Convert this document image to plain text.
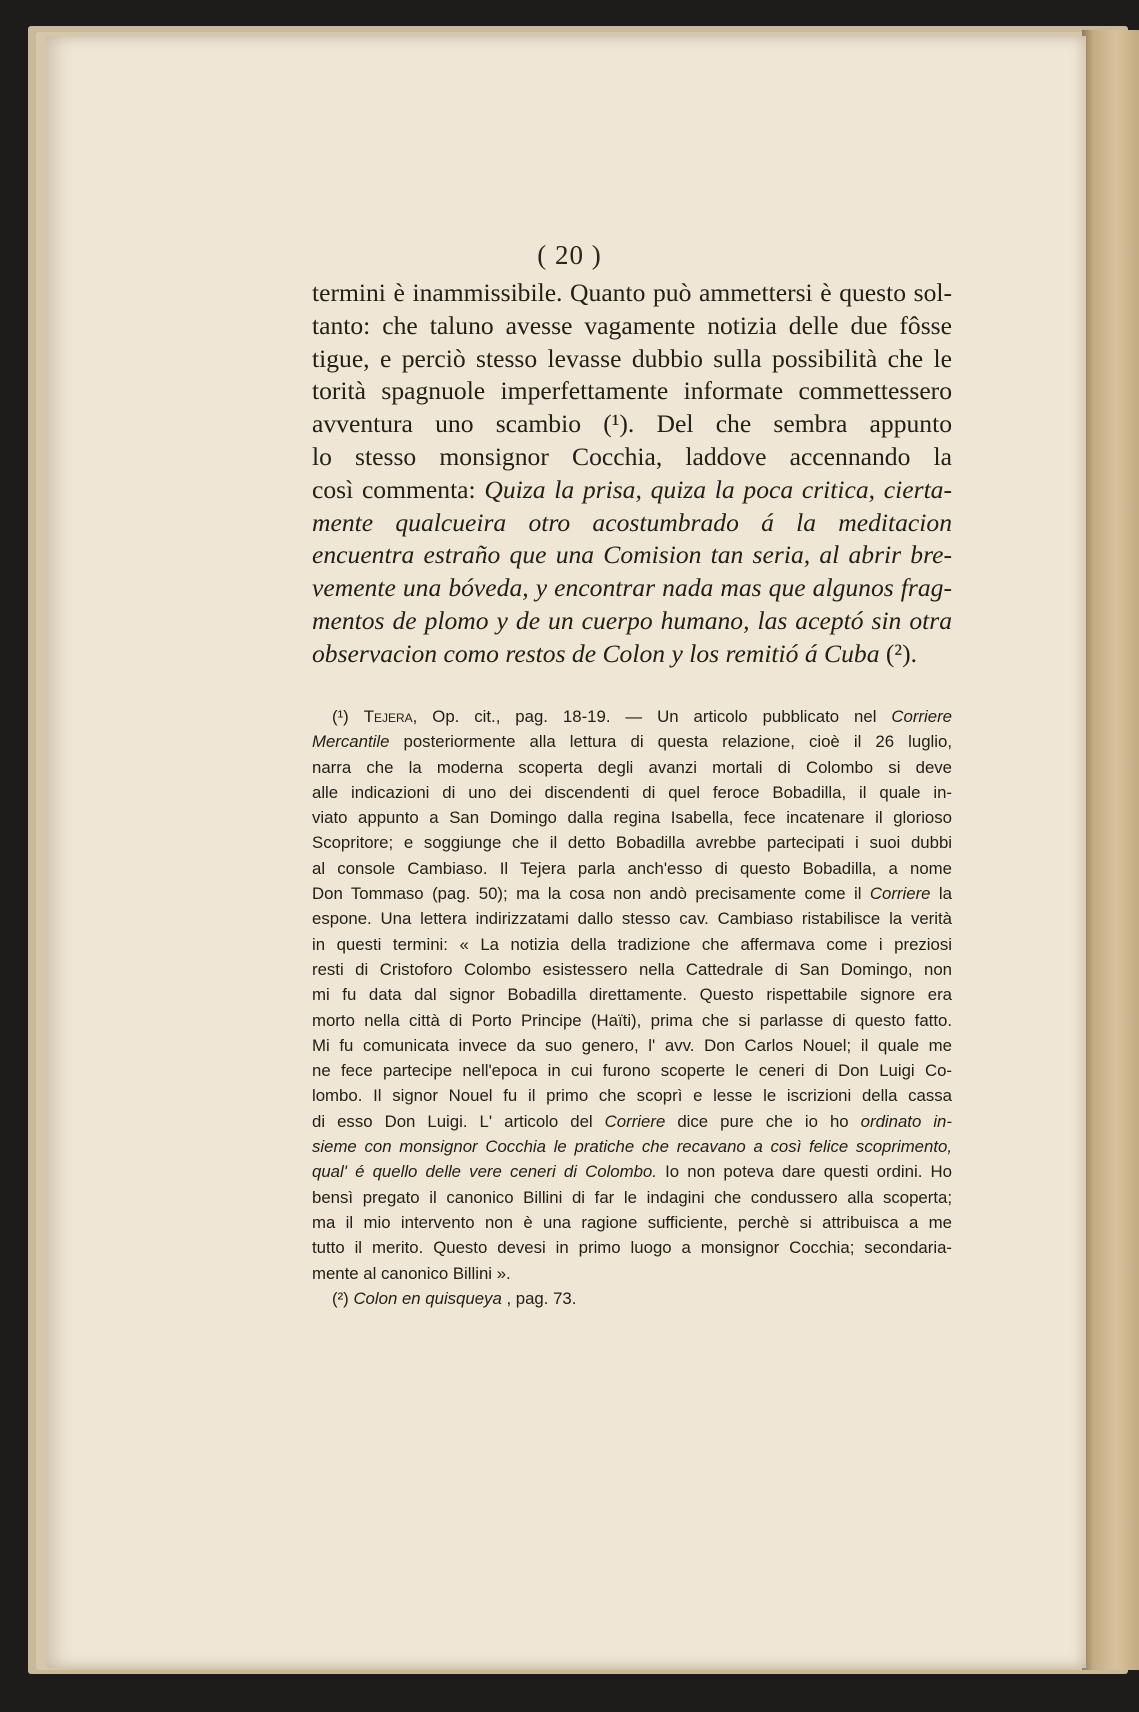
( 20 )
termini è inammissibile. Quanto può ammettersi è questo sol-
tanto: che taluno avesse vagamente notizia delle due fôsse
tigue, e perciò stesso levasse dubbio sulla possibilità che le
torità spagnuole imperfettamente informate commettessero
avventura uno scambio (¹). Del che sembra appunto
lo stesso monsignor Cocchia, laddove accennando la
così commenta: Quiza la prisa, quiza la poca critica, cierta-
mente qualcueira otro acostumbrado á la meditacion
encuentra estraño que una Comision tan seria, al abrir bre-
vemente una bóveda, y encontrar nada mas que algunos frag-
mentos de plomo y de un cuerpo humano, las aceptó sin otra
observacion como restos de Colon y los remitió á Cuba (²).
(¹) Tejera, Op. cit., pag. 18-19. — Un articolo pubblicato nel Corriere
Mercantile posteriormente alla lettura di questa relazione, cioè il 26 luglio,
narra che la moderna scoperta degli avanzi mortali di Colombo si deve
alle indicazioni di uno dei discendenti di quel feroce Bobadilla, il quale in-
viato appunto a San Domingo dalla regina Isabella, fece incatenare il glorioso
Scopritore; e soggiunge che il detto Bobadilla avrebbe partecipati i suoi dubbi
al console Cambiaso. Il Tejera parla anch'esso di questo Bobadilla, a nome
Don Tommaso (pag. 50); ma la cosa non andò precisamente come il Corriere la
espone. Una lettera indirizzatami dallo stesso cav. Cambiaso ristabilisce la verità
in questi termini: « La notizia della tradizione che affermava come i preziosi
resti di Cristoforo Colombo esistessero nella Cattedrale di San Domingo, non
mi fu data dal signor Bobadilla direttamente. Questo rispettabile signore era
morto nella città di Porto Principe (Haïti), prima che si parlasse di questo fatto.
Mi fu comunicata invece da suo genero, l' avv. Don Carlos Nouel; il quale me
ne fece partecipe nell'epoca in cui furono scoperte le ceneri di Don Luigi Co-
lombo. Il signor Nouel fu il primo che scoprì e lesse le iscrizioni della cassa
di esso Don Luigi. L' articolo del Corriere dice pure che io ho ordinato in-
sieme con monsignor Cocchia le pratiche che recavano a così felice scoprimento,
qual' é quello delle vere ceneri di Colombo. Io non poteva dare questi ordini. Ho
bensì pregato il canonico Billini di far le indagini che condussero alla scoperta;
ma il mio intervento non è una ragione sufficiente, perchè si attribuisca a me
tutto il merito. Questo devesi in primo luogo a monsignor Cocchia; secondaria-
mente al canonico Billini ».
(²) Colon en quisqueya , pag. 73.
